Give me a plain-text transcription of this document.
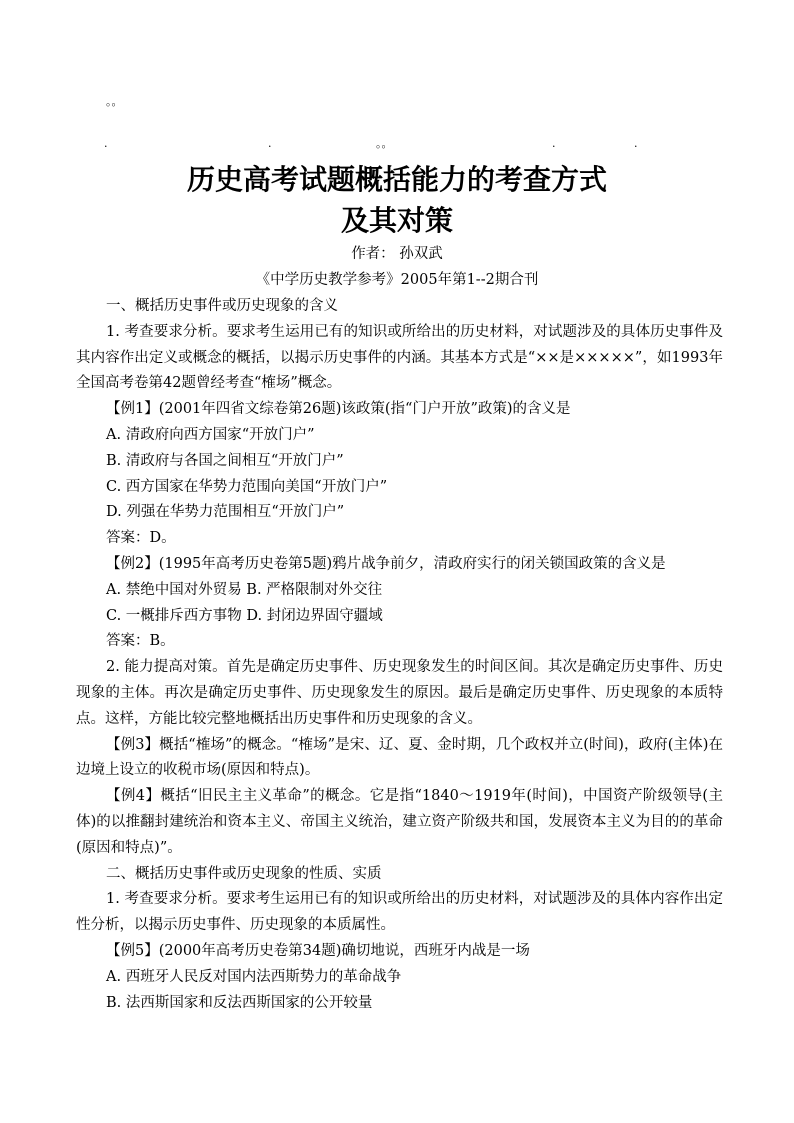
。。
.	.	。。	.	.
历史高考试题概括能力的考查方式
及其对策
作者： 孙双武
《中学历史教学参考》2005年第1--2期合刊

一、概括历史事件或历史现象的含义

1. 考查要求分析。要求考生运用已有的知识或所给出的历史材料，对试题涉及的具体历史事件及其内容作出定义或概念的概括，以揭示历史事件的内涵。其基本方式是“××是×××××”，如1993年全国高考卷第42题曾经考查“榷场”概念。

【例1】(2001年四省文综卷第26题)该政策(指“门户开放”政策)的含义是

A. 清政府向西方国家“开放门户”

B. 清政府与各国之间相互“开放门户”

C. 西方国家在华势力范围向美国“开放门户”

D. 列强在华势力范围相互“开放门户”

答案：D。

【例2】(1995年高考历史卷第5题)鸦片战争前夕，清政府实行的闭关锁国政策的含义是

A. 禁绝中国对外贸易 B. 严格限制对外交往

C. 一概排斥西方事物 D. 封闭边界固守疆域

答案：B。

2. 能力提高对策。首先是确定历史事件、历史现象发生的时间区间。其次是确定历史事件、历史现象的主体。再次是确定历史事件、历史现象发生的原因。最后是确定历史事件、历史现象的本质特点。这样，方能比较完整地概括出历史事件和历史现象的含义。

【例3】概括“榷场”的概念。“榷场”是宋、辽、夏、金时期，几个政权并立(时间)，政府(主体)在边境上设立的收税市场(原因和特点)。

【例4】概括“旧民主主义革命”的概念。它是指“1840～1919年(时间)，中国资产阶级领导(主体)的以推翻封建统治和资本主义、帝国主义统治，建立资产阶级共和国，发展资本主义为目的的革命(原因和特点)”。

二、概括历史事件或历史现象的性质、实质

1. 考查要求分析。要求考生运用已有的知识或所给出的历史材料，对试题涉及的具体内容作出定性分析，以揭示历史事件、历史现象的本质属性。

【例5】(2000年高考历史卷第34题)确切地说，西班牙内战是一场

A. 西班牙人民反对国内法西斯势力的革命战争

B. 法西斯国家和反法西斯国家的公开较量
